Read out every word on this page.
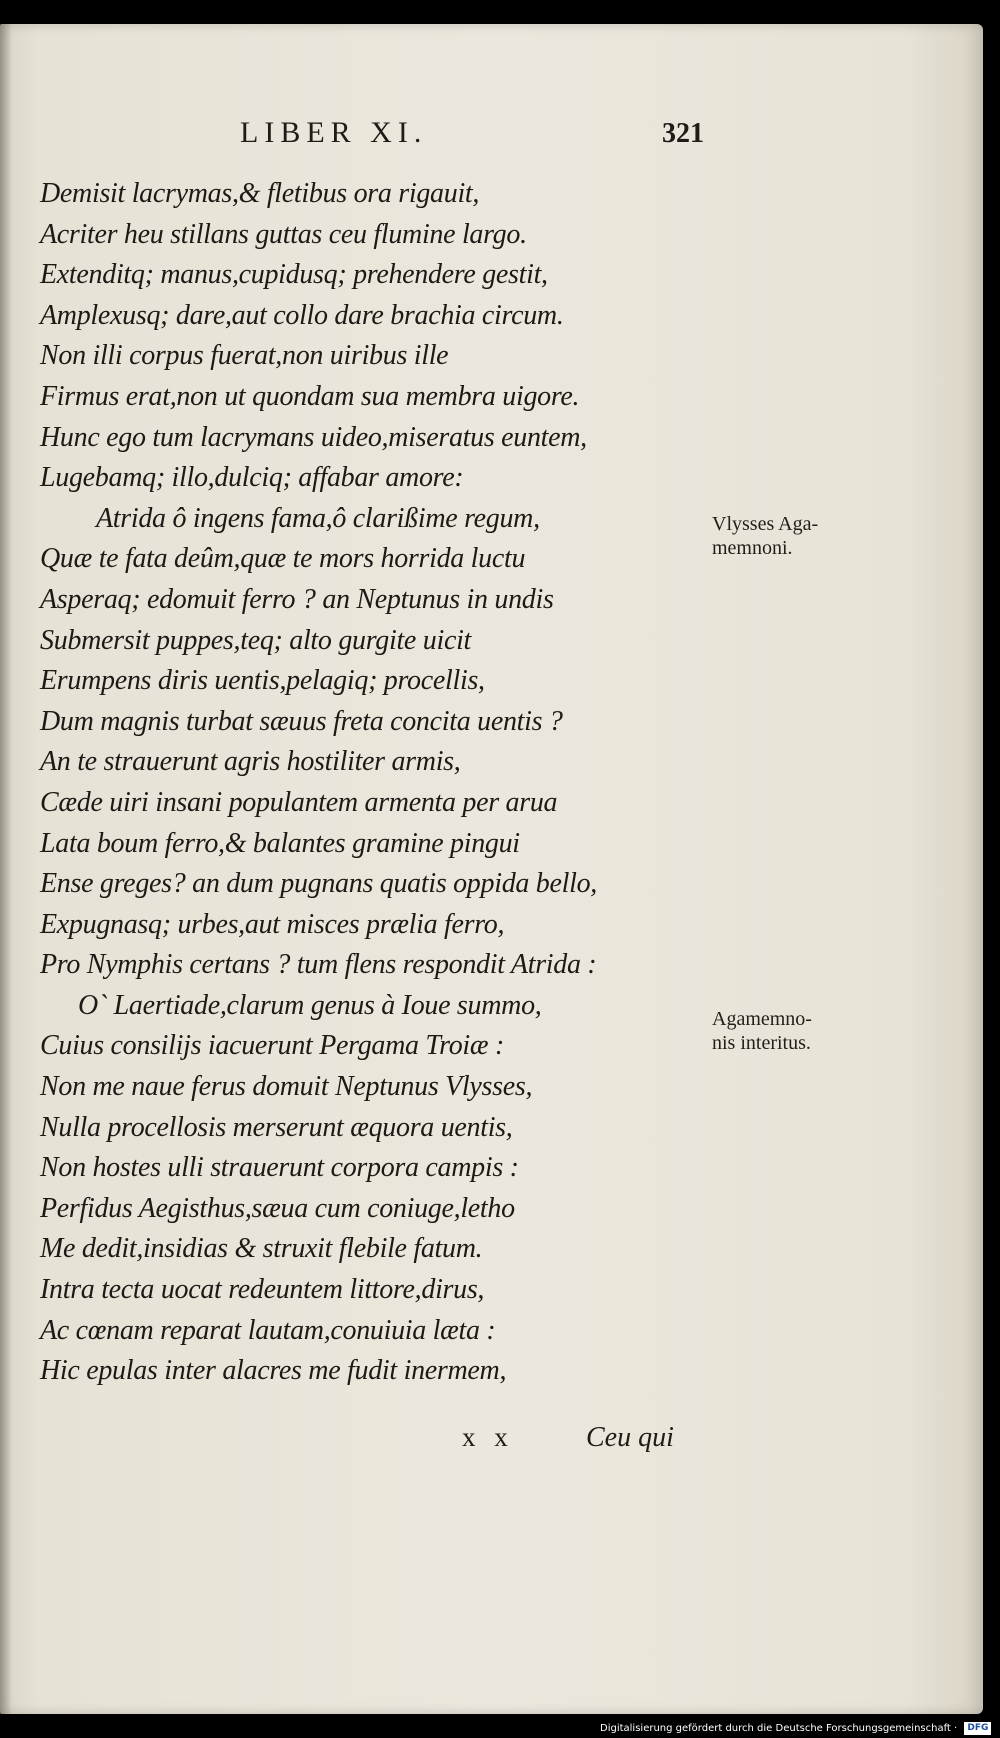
LIBER XI.	321
Demisit lacrymas,& fletibus ora rigauit,
Acriter heu stillans guttas ceu flumine largo.
Extenditq; manus,cupidusq; prehendere gestit,
Amplexusq; dare,aut collo dare brachia circum.
Non illi corpus fuerat,non uiribus ille
Firmus erat,non ut quondam sua membra uigore.
Hunc ego tum lacrymans uideo,miseratus euntem,
Lugebamq; illo,dulciq; affabar amore:
Atrida ô ingens fama,ô clarißime regum,
Quæ te fata deûm,quæ te mors horrida luctu
Asperaq; edomuit ferro ? an Neptunus in undis
Submersit puppes,teq; alto gurgite uicit
Erumpens diris uentis,pelagiq; procellis,
Dum magnis turbat sæuus freta concita uentis ?
An te strauerunt agris hostiliter armis,
Cæde uiri insani populantem armenta per arua
Lata boum ferro,& balantes gramine pingui
Ense greges? an dum pugnans quatis oppida bello,
Expugnasq; urbes,aut misces prælia ferro,
Pro Nymphis certans ? tum flens respondit Atrida :
O` Laertiade,clarum genus à Ioue summo,
Cuius consilijs iacuerunt Pergama Troiæ :
Non me naue ferus domuit Neptunus Vlysses,
Nulla procellosis merserunt æquora uentis,
Non hostes ulli strauerunt corpora campis :
Perfidus Aegisthus,sæua cum coniuge,letho
Me dedit,insidias & struxit flebile fatum.
Intra tecta uocat redeuntem littore,dirus,
Ac cœnam reparat lautam,conuiuia læta :
Hic epulas inter alacres me fudit inermem,
Vlysses Aga-
memnoni.
Agamemno-
nis interitus.
x x	Ceu qui
Digitalisierung gefördert durch die Deutsche Forschungsgemeinschaft · DFG
